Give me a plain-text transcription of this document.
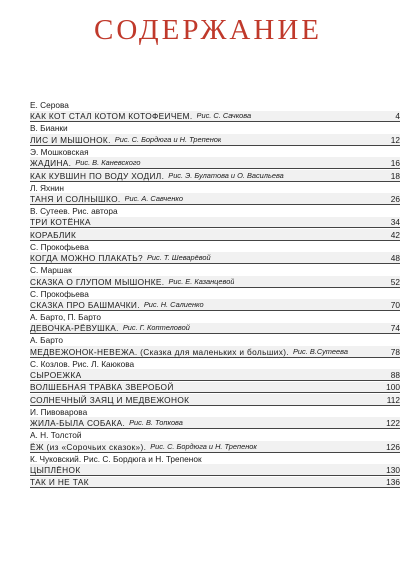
СОДЕРЖАНИЕ
Е. Серова
КАК КОТ СТАЛ КОТОМ КОТОФЕИЧЕМ. Рис. С. Сачкова	4
В. Бианки
ЛИС И МЫШОНОК. Рис. С. Бордюга и Н. Трепенок	12
Э. Мошковская
ЖАДИНА. Рис. В. Каневского	16
КАК КУВШИН ПО ВОДУ ХОДИЛ. Рис. Э. Булатова и О. Васильева	18
Л. Яхнин
ТАНЯ И СОЛНЫШКО. Рис. А. Савченко	26
В. Сутеев. Рис. автора
ТРИ КОТЁНКА	34
КОРАБЛИК	42
С. Прокофьева
КОГДА МОЖНО ПЛАКАТЬ? Рис. Т. Шеварёвой	48
С. Маршак
СКАЗКА О ГЛУПОМ МЫШОНКЕ. Рис. Е. Казанцевой	52
С. Прокофьева
СКАЗКА ПРО БАШМАЧКИ. Рис. Н. Салиенко	70
А. Барто, П. Барто
ДЕВОЧКА-РЁВУШКА. Рис. Г. Коптеловой	74
А. Барто
МЕДВЕЖОНОК-НЕВЕЖА. (Сказка для маленьких и больших). Рис. В.Сутеева	78
С. Козлов. Рис. Л. Каюкова
СЫРОЕЖКА	88
ВОЛШЕБНАЯ ТРАВКА ЗВЕРОБОЙ	100
СОЛНЕЧНЫЙ ЗАЯЦ И МЕДВЕЖОНОК	112
И. Пивоварова
ЖИЛА-БЫЛА СОБАКА. Рис. В. Топкова	122
А. Н. Толстой
ЁЖ (из «Сорочьих сказок»). Рис. С. Бордюга и Н. Трепенок	126
К. Чуковский. Рис. С. Бордюга и Н. Трепенок
ЦЫПЛЁНОК	130
ТАК И НЕ ТАК	136
